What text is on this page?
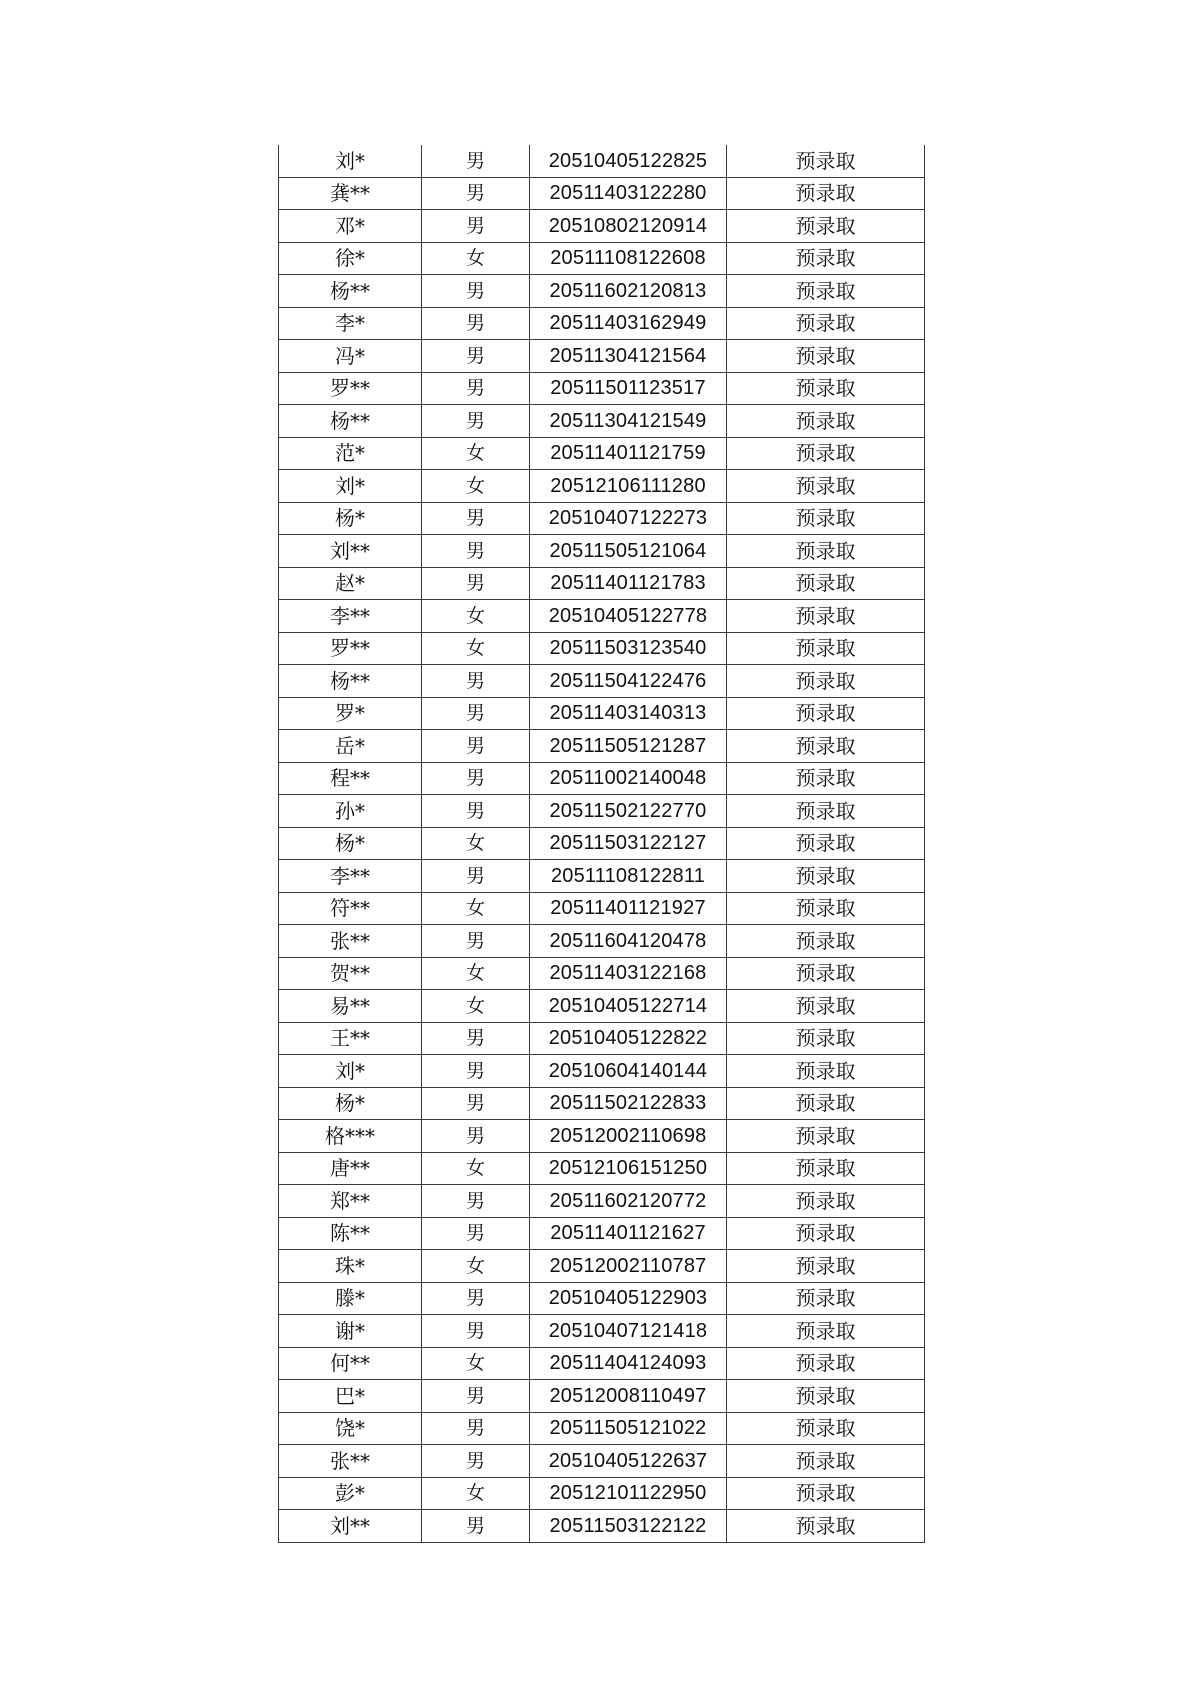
刘*	男	20510405122825	预录取
龚**	男	20511403122280	预录取
邓*	男	20510802120914	预录取
徐*	女	20511108122608	预录取
杨**	男	20511602120813	预录取
李*	男	20511403162949	预录取
冯*	男	20511304121564	预录取
罗**	男	20511501123517	预录取
杨**	男	20511304121549	预录取
范*	女	20511401121759	预录取
刘*	女	20512106111280	预录取
杨*	男	20510407122273	预录取
刘**	男	20511505121064	预录取
赵*	男	20511401121783	预录取
李**	女	20510405122778	预录取
罗**	女	20511503123540	预录取
杨**	男	20511504122476	预录取
罗*	男	20511403140313	预录取
岳*	男	20511505121287	预录取
程**	男	20511002140048	预录取
孙*	男	20511502122770	预录取
杨*	女	20511503122127	预录取
李**	男	20511108122811	预录取
符**	女	20511401121927	预录取
张**	男	20511604120478	预录取
贺**	女	20511403122168	预录取
易**	女	20510405122714	预录取
王**	男	20510405122822	预录取
刘*	男	20510604140144	预录取
杨*	男	20511502122833	预录取
格***	男	20512002110698	预录取
唐**	女	20512106151250	预录取
郑**	男	20511602120772	预录取
陈**	男	20511401121627	预录取
珠*	女	20512002110787	预录取
滕*	男	20510405122903	预录取
谢*	男	20510407121418	预录取
何**	女	20511404124093	预录取
巴*	男	20512008110497	预录取
饶*	男	20511505121022	预录取
张**	男	20510405122637	预录取
彭*	女	20512101122950	预录取
刘**	男	20511503122122	预录取
